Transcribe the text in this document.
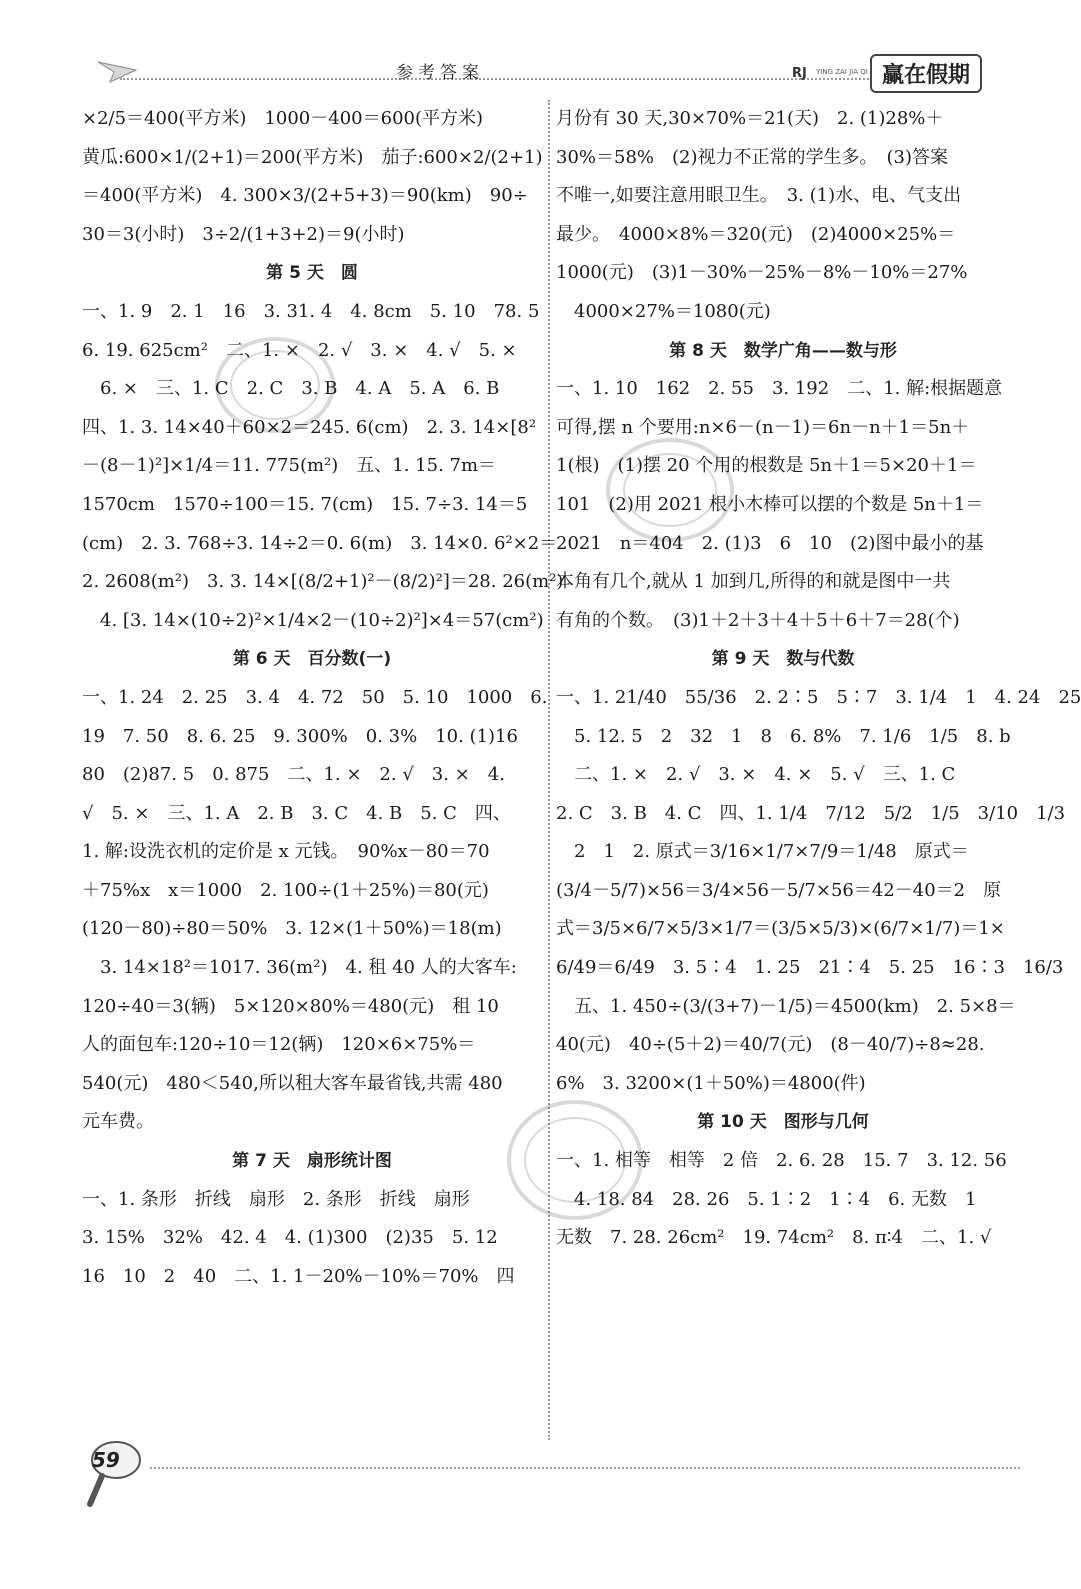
参考答案	RJ YING ZAI JIA QI 赢在假期
×2/5＝400(平方米)　1000－400＝600(平方米)
黄瓜:600×1/(2+1)＝200(平方米)　茄子:600×2/(2+1)
＝400(平方米)　4. 300×3/(2+5+3)＝90(km)　90÷
30＝3(小时)　3÷2/(1+3+2)＝9(小时)
第 5 天　圆
一、1. 9　2. 1　16　3. 31. 4　4. 8cm　5. 10　78. 5
6. 19. 625cm²　二、1. ×　2. √　3. ×　4. √　5. ×
　6. ×　三、1. C　2. C　3. B　4. A　5. A　6. B
四、1. 3. 14×40＋60×2＝245. 6(cm)　2. 3. 14×[8²
－(8－1)²]×1/4＝11. 775(m²)　五、1. 15. 7m＝
1570cm　1570÷100＝15. 7(cm)　15. 7÷3. 14＝5
(cm)　2. 3. 768÷3. 14÷2＝0. 6(m)　3. 14×0. 6²×2＝
2. 2608(m²)　3. 3. 14×[(8/2+1)²－(8/2)²]＝28. 26(m²)
　4. [3. 14×(10÷2)²×1/4×2－(10÷2)²]×4＝57(cm²)
第 6 天　百分数(一)
一、1. 24　2. 25　3. 4　4. 72　50　5. 10　1000　6.
19　7. 50　8. 6. 25　9. 300%　0. 3%　10. (1)16
80　(2)87. 5　0. 875　二、1. ×　2. √　3. ×　4.
√　5. ×　三、1. A　2. B　3. C　4. B　5. C　四、
1. 解:设洗衣机的定价是 x 元钱。　90%x－80＝70
＋75%x　x＝1000　2. 100÷(1＋25%)＝80(元)
(120－80)÷80＝50%　3. 12×(1＋50%)＝18(m)
　3. 14×18²＝1017. 36(m²)　4. 租 40 人的大客车:
120÷40＝3(辆)　5×120×80%＝480(元)　租 10
人的面包车:120÷10＝12(辆)　120×6×75%＝
540(元)　480＜540,所以租大客车最省钱,共需 480
元车费。
第 7 天　扇形统计图
一、1. 条形　折线　扇形　2. 条形　折线　扇形
3. 15%　32%　42. 4　4. (1)300　(2)35　5. 12
16　10　2　40　二、1. 1－20%－10%＝70%　四
月份有 30 天,30×70%＝21(天)　2. (1)28%＋
30%＝58%　(2)视力不正常的学生多。　(3)答案
不唯一,如要注意用眼卫生。　3. (1)水、电、气支出
最少。　4000×8%＝320(元)　(2)4000×25%＝
1000(元)　(3)1－30%－25%－8%－10%＝27%
　4000×27%＝1080(元)
第 8 天　数学广角——数与形
一、1. 10　162　2. 55　3. 192　二、1. 解:根据题意
可得,摆 n 个要用:n×6－(n－1)＝6n－n＋1＝5n＋
1(根)　(1)摆 20 个用的根数是 5n＋1＝5×20＋1＝
101　(2)用 2021 根小木棒可以摆的个数是 5n＋1＝
2021　n＝404　2. (1)3　6　10　(2)图中最小的基
本角有几个,就从 1 加到几,所得的和就是图中一共
有角的个数。　(3)1＋2＋3＋4＋5＋6＋7＝28(个)
第 9 天　数与代数
一、1. 21/40　55/36　2. 2∶5　5∶7　3. 1/4　1　4. 24　25
　5. 12. 5　2　32　1　8　6. 8%　7. 1/6　1/5　8. b
　二、1. ×　2. √　3. ×　4. ×　5. √　三、1. C
2. C　3. B　4. C　四、1. 1/4　7/12　5/2　1/5　3/10　1/3
　2　1　2. 原式＝3/16×1/7×7/9＝1/48　原式＝
(3/4－5/7)×56＝3/4×56－5/7×56＝42－40＝2　原
式＝3/5×6/7×5/3×1/7＝(3/5×5/3)×(6/7×1/7)＝1×
6/49＝6/49　3. 5∶4　1. 25　21∶4　5. 25　16∶3　16/3
　五、1. 450÷(3/(3+7)－1/5)＝4500(km)　2. 5×8＝
40(元)　40÷(5＋2)＝40/7(元)　(8－40/7)÷8≈28.
6%　3. 3200×(1＋50%)＝4800(件)
第 10 天　图形与几何
一、1. 相等　相等　2 倍　2. 6. 28　15. 7　3. 12. 56
　4. 18. 84　28. 26　5. 1∶2　1∶4　6. 无数　1
无数　7. 28. 26cm²　19. 74cm²　8. π∶4　二、1. √
59
